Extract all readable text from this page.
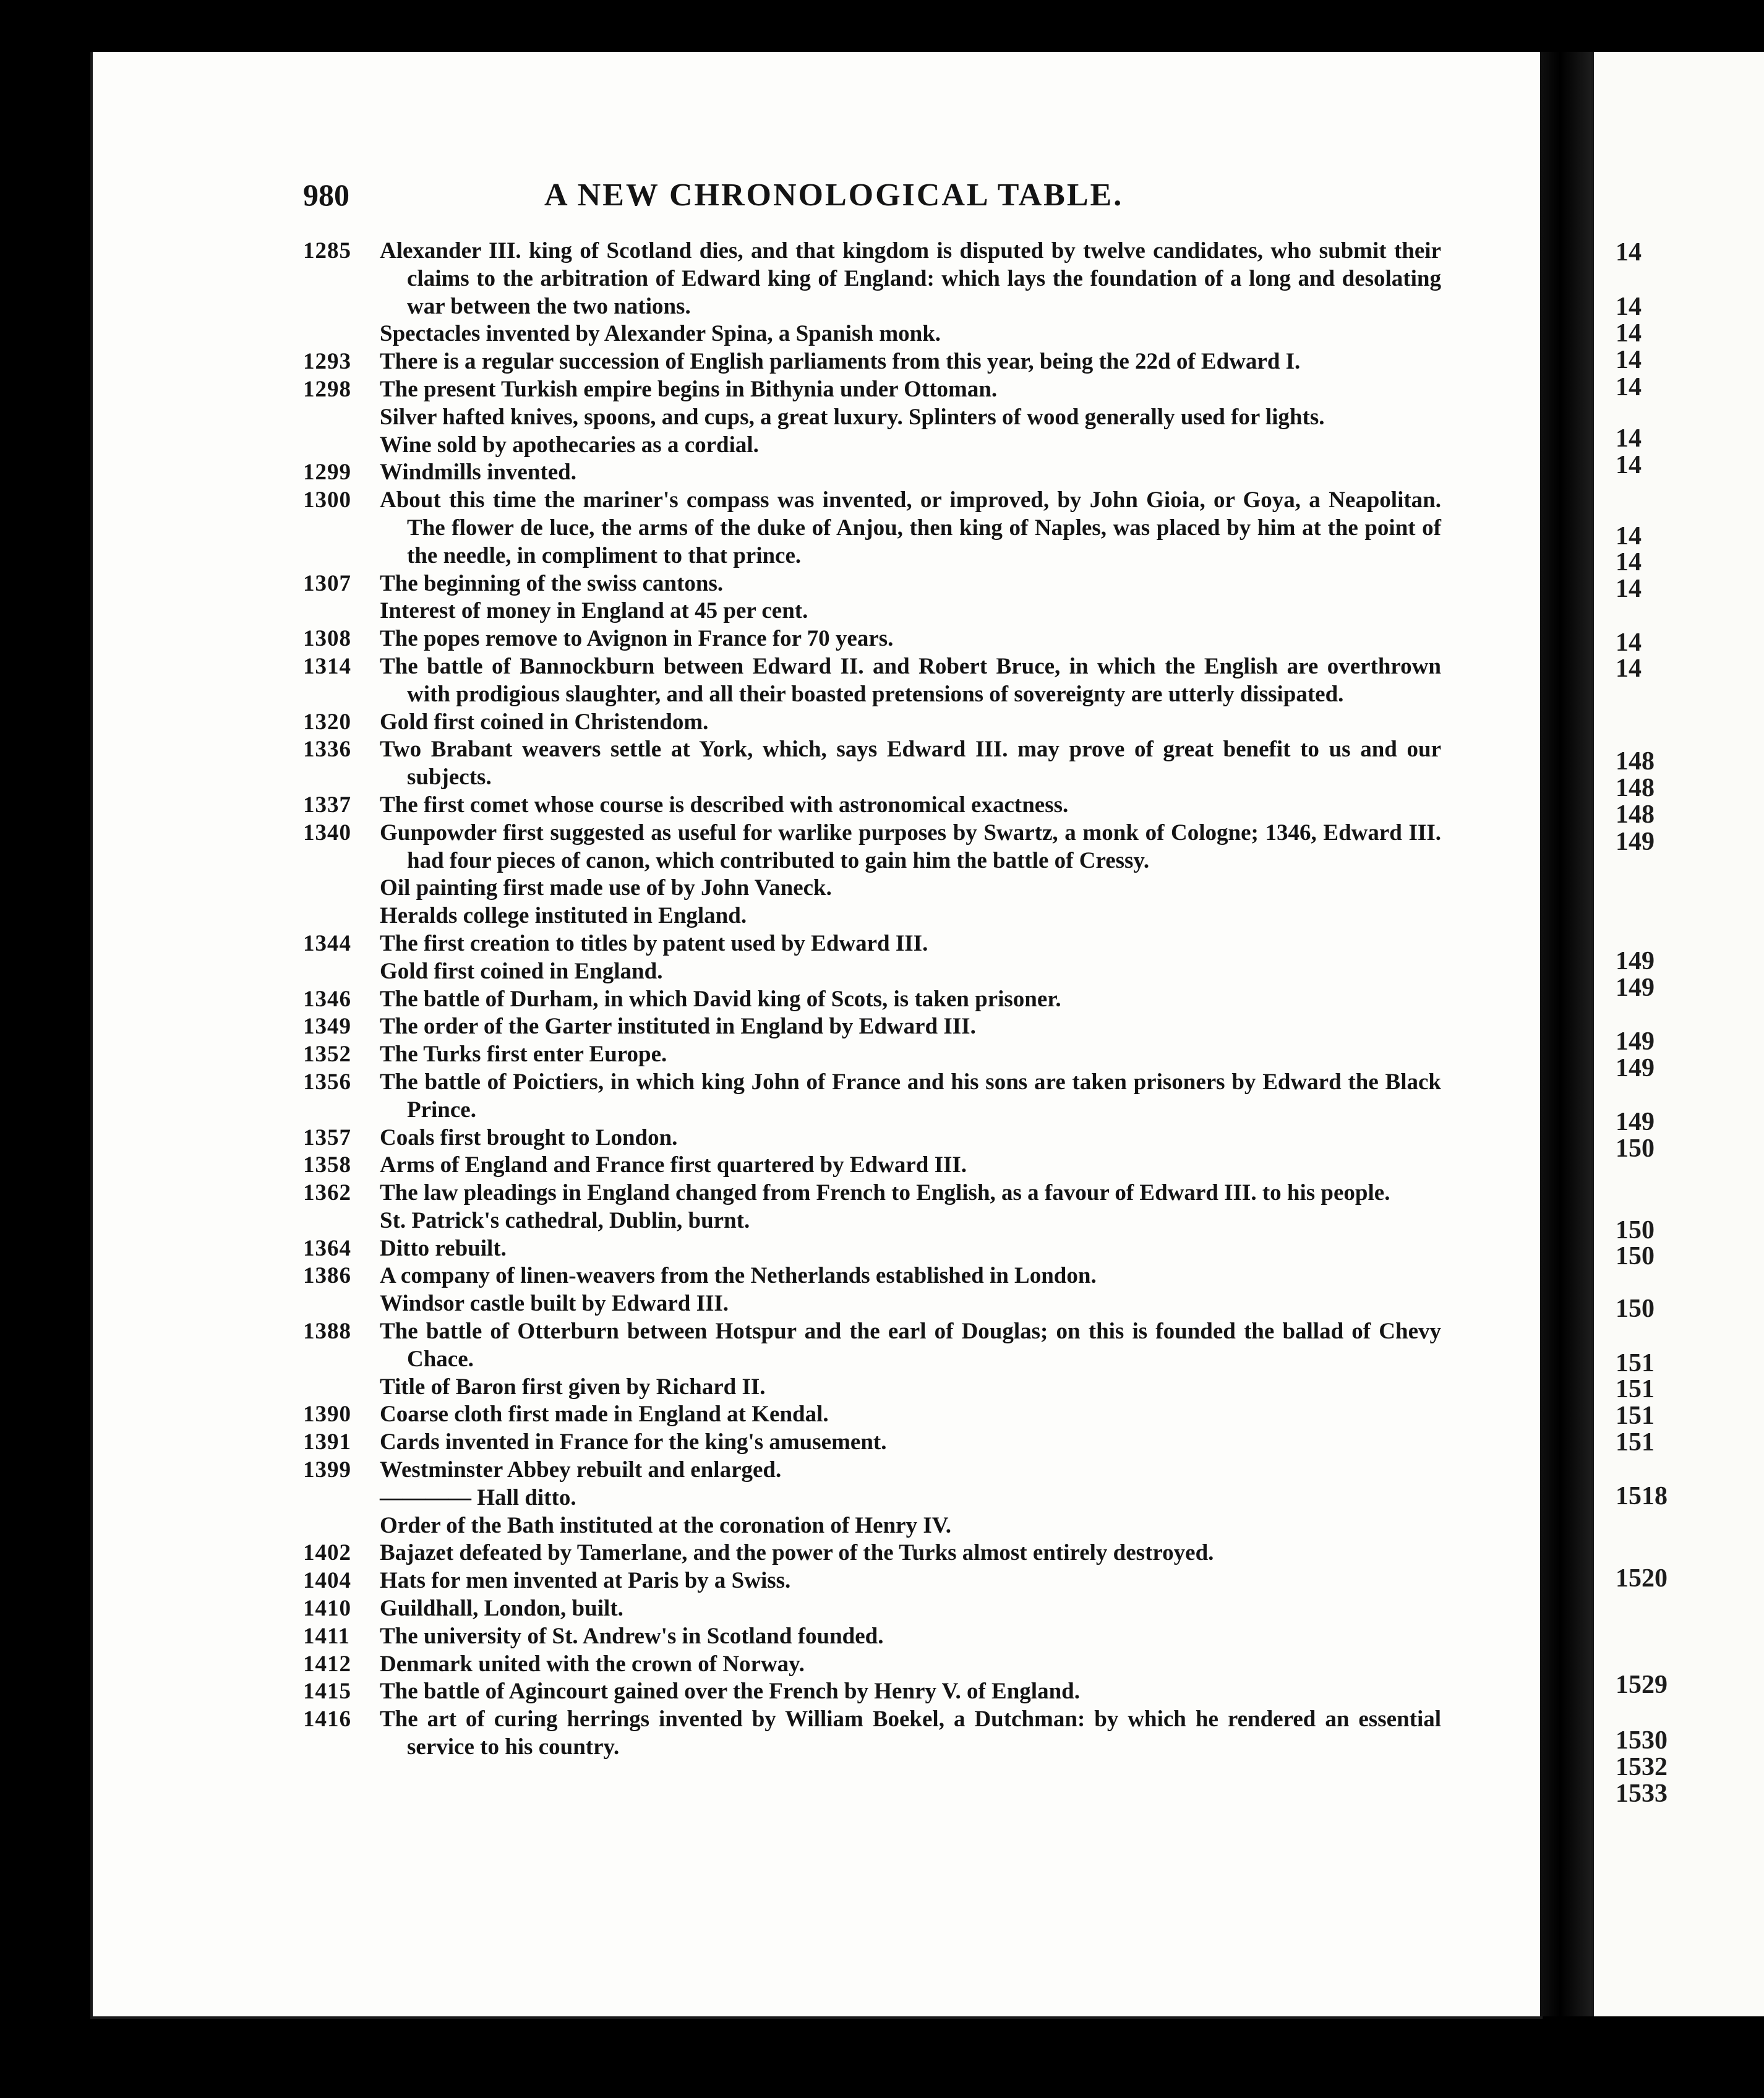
980	A NEW CHRONOLOGICAL TABLE.
1285	Alexander III. king of Scotland dies, and that kingdom is disputed by twelve candidates, who submit their claims to the arbitration of Edward king of England: which lays the foundation of a long and desolating war between the two nations.
Spectacles invented by Alexander Spina, a Spanish monk.
1293	There is a regular succession of English parliaments from this year, being the 22d of Edward I.
1298	The present Turkish empire begins in Bithynia under Ottoman.
Silver hafted knives, spoons, and cups, a great luxury. Splinters of wood generally used for lights.
Wine sold by apothecaries as a cordial.
1299	Windmills invented.
1300	About this time the mariner's compass was invented, or improved, by John Gioia, or Goya, a Neapolitan. The flower de luce, the arms of the duke of Anjou, then king of Naples, was placed by him at the point of the needle, in compliment to that prince.
1307	The beginning of the swiss cantons.
Interest of money in England at 45 per cent.
1308	The popes remove to Avignon in France for 70 years.
1314	The battle of Bannockburn between Edward II. and Robert Bruce, in which the English are overthrown with prodigious slaughter, and all their boasted pretensions of sovereignty are utterly dissipated.
1320	Gold first coined in Christendom.
1336	Two Brabant weavers settle at York, which, says Edward III. may prove of great benefit to us and our subjects.
1337	The first comet whose course is described with astronomical exactness.
1340	Gunpowder first suggested as useful for warlike purposes by Swartz, a monk of Cologne; 1346, Edward III. had four pieces of canon, which contributed to gain him the battle of Cressy.
Oil painting first made use of by John Vaneck.
Heralds college instituted in England.
1344	The first creation to titles by patent used by Edward III.
Gold first coined in England.
1346	The battle of Durham, in which David king of Scots, is taken prisoner.
1349	The order of the Garter instituted in England by Edward III.
1352	The Turks first enter Europe.
1356	The battle of Poictiers, in which king John of France and his sons are taken prisoners by Edward the Black Prince.
1357	Coals first brought to London.
1358	Arms of England and France first quartered by Edward III.
1362	The law pleadings in England changed from French to English, as a favour of Edward III. to his people.
St. Patrick's cathedral, Dublin, burnt.
1364	Ditto rebuilt.
1386	A company of linen-weavers from the Netherlands established in London.
Windsor castle built by Edward III.
1388	The battle of Otterburn between Hotspur and the earl of Douglas; on this is founded the ballad of Chevy Chace.
Title of Baron first given by Richard II.
1390	Coarse cloth first made in England at Kendal.
1391	Cards invented in France for the king's amusement.
1399	Westminster Abbey rebuilt and enlarged.
———— Hall ditto.
Order of the Bath instituted at the coronation of Henry IV.
1402	Bajazet defeated by Tamerlane, and the power of the Turks almost entirely destroyed.
1404	Hats for men invented at Paris by a Swiss.
1410	Guildhall, London, built.
1411	The university of St. Andrew's in Scotland founded.
1412	Denmark united with the crown of Norway.
1415	The battle of Agincourt gained over the French by Henry V. of England.
1416	The art of curing herrings invented by William Boekel, a Dutchman: by which he rendered an essential service to his country.
14
14
14
14
14
14
14
14
14
14
14
14
148
148
148
149
149
149
149
149
149
150
150
150
150
151
151
151
151
1518
1520
1529
1530
1532
1533
